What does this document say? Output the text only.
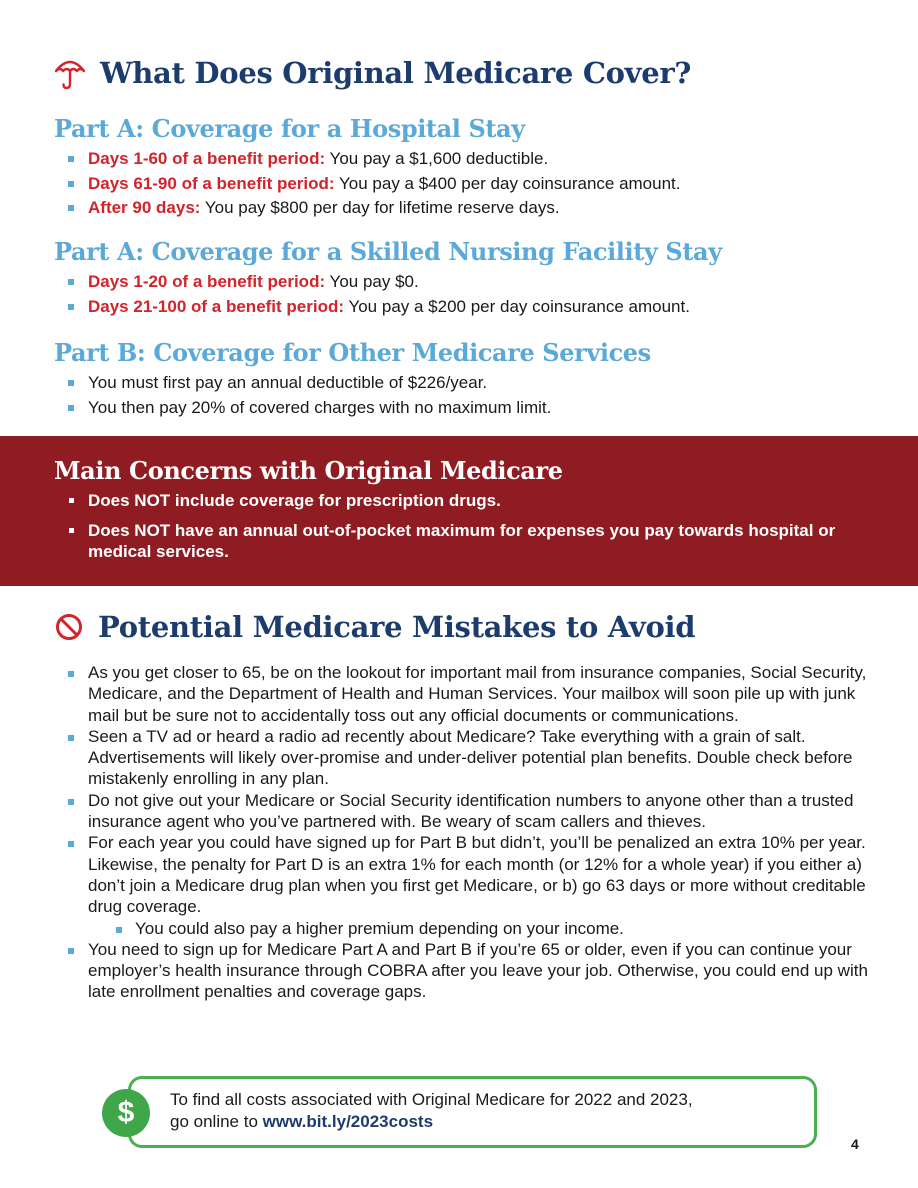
What Does Original Medicare Cover?
Part A: Coverage for a Hospital Stay
Days 1-60 of a benefit period: You pay a $1,600 deductible.
Days 61-90 of a benefit period: You pay a $400 per day coinsurance amount.
After 90 days: You pay $800 per day for lifetime reserve days.
Part A: Coverage for a Skilled Nursing Facility Stay
Days 1-20 of a benefit period: You pay $0.
Days 21-100 of a benefit period: You pay a $200 per day coinsurance amount.
Part B: Coverage for Other Medicare Services
You must first pay an annual deductible of $226/year.
You then pay 20% of covered charges with no maximum limit.
Main Concerns with Original Medicare
Does NOT include coverage for prescription drugs.
Does NOT have an annual out-of-pocket maximum for expenses you pay towards hospital or medical services.
Potential Medicare Mistakes to Avoid
As you get closer to 65, be on the lookout for important mail from insurance companies, Social Security, Medicare, and the Department of Health and Human Services. Your mailbox will soon pile up with junk mail but be sure not to accidentally toss out any official documents or communications.
Seen a TV ad or heard a radio ad recently about Medicare? Take everything with a grain of salt. Advertisements will likely over-promise and under-deliver potential plan benefits. Double check before mistakenly enrolling in any plan.
Do not give out your Medicare or Social Security identification numbers to anyone other than a trusted insurance agent who you’ve partnered with. Be weary of scam callers and thieves.
For each year you could have signed up for Part B but didn’t, you’ll be penalized an extra 10% per year. Likewise, the penalty for Part D is an extra 1% for each month (or 12% for a whole year) if you either a) don’t join a Medicare drug plan when you first get Medicare, or b) go 63 days or more without creditable drug coverage.
You could also pay a higher premium depending on your income.
You need to sign up for Medicare Part A and Part B if you’re 65 or older, even if you can continue your employer’s health insurance through COBRA after you leave your job. Otherwise, you could end up with late enrollment penalties and coverage gaps.
To find all costs associated with Original Medicare for 2022 and 2023,
go online to www.bit.ly/2023costs
$
4
